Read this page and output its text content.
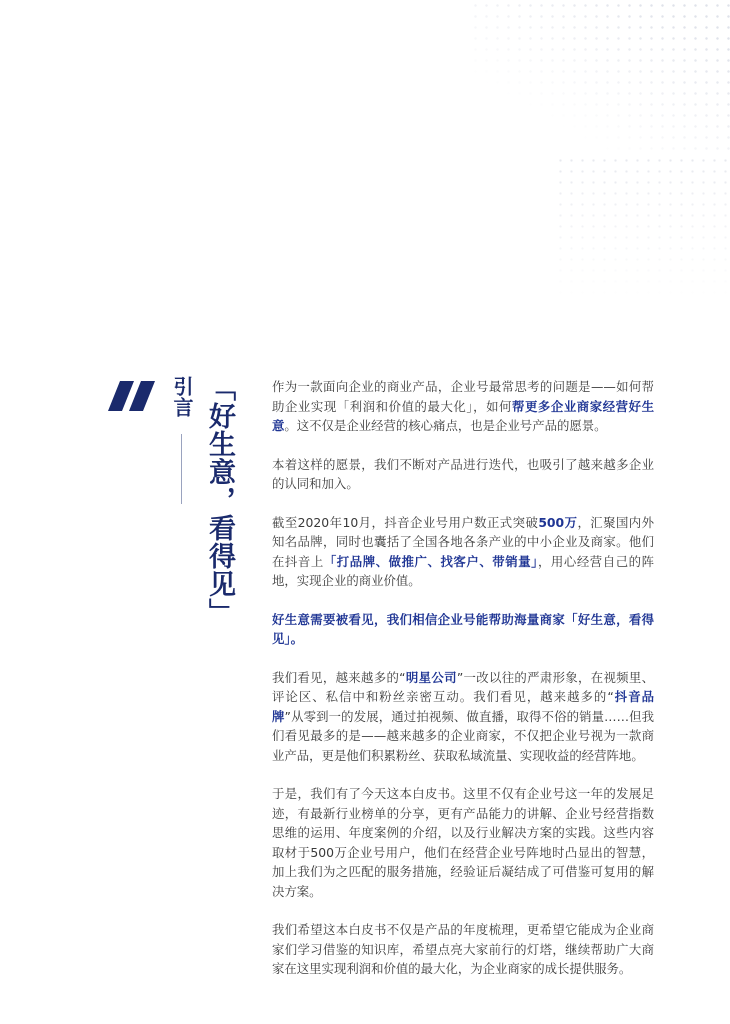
引言 「好生意，看得见」	作为一款面向企业的商业产品，企业号最常思考的问题是——如何帮助企业实现「利润和价值的最大化」，如何帮更多企业商家经营好生意。这不仅是企业经营的核心痛点，也是企业号产品的愿景。

本着这样的愿景，我们不断对产品进行迭代，也吸引了越来越多企业的认同和加入。

截至2020年10月，抖音企业号用户数正式突破500万，汇聚国内外知名品牌，同时也囊括了全国各地各条产业的中小企业及商家。他们在抖音上「打品牌、做推广、找客户、带销量」，用心经营自己的阵地，实现企业的商业价值。

好生意需要被看见，我们相信企业号能帮助海量商家「好生意，看得见」。

我们看见，越来越多的“明星公司”一改以往的严肃形象，在视频里、评论区、私信中和粉丝亲密互动。我们看见，越来越多的“抖音品牌”从零到一的发展，通过拍视频、做直播，取得不俗的销量……但我们看见最多的是——越来越多的企业商家，不仅把企业号视为一款商业产品，更是他们积累粉丝、获取私域流量、实现收益的经营阵地。

于是，我们有了今天这本白皮书。这里不仅有企业号这一年的发展足迹，有最新行业榜单的分享，更有产品能力的讲解、企业号经营指数思维的运用、年度案例的介绍，以及行业解决方案的实践。这些内容取材于500万企业号用户，他们在经营企业号阵地时凸显出的智慧，加上我们为之匹配的服务措施，经验证后凝结成了可借鉴可复用的解决方案。

我们希望这本白皮书不仅是产品的年度梳理，更希望它能成为企业商家们学习借鉴的知识库，希望点亮大家前行的灯塔，继续帮助广大商家在这里实现利润和价值的最大化，为企业商家的成长提供服务。
